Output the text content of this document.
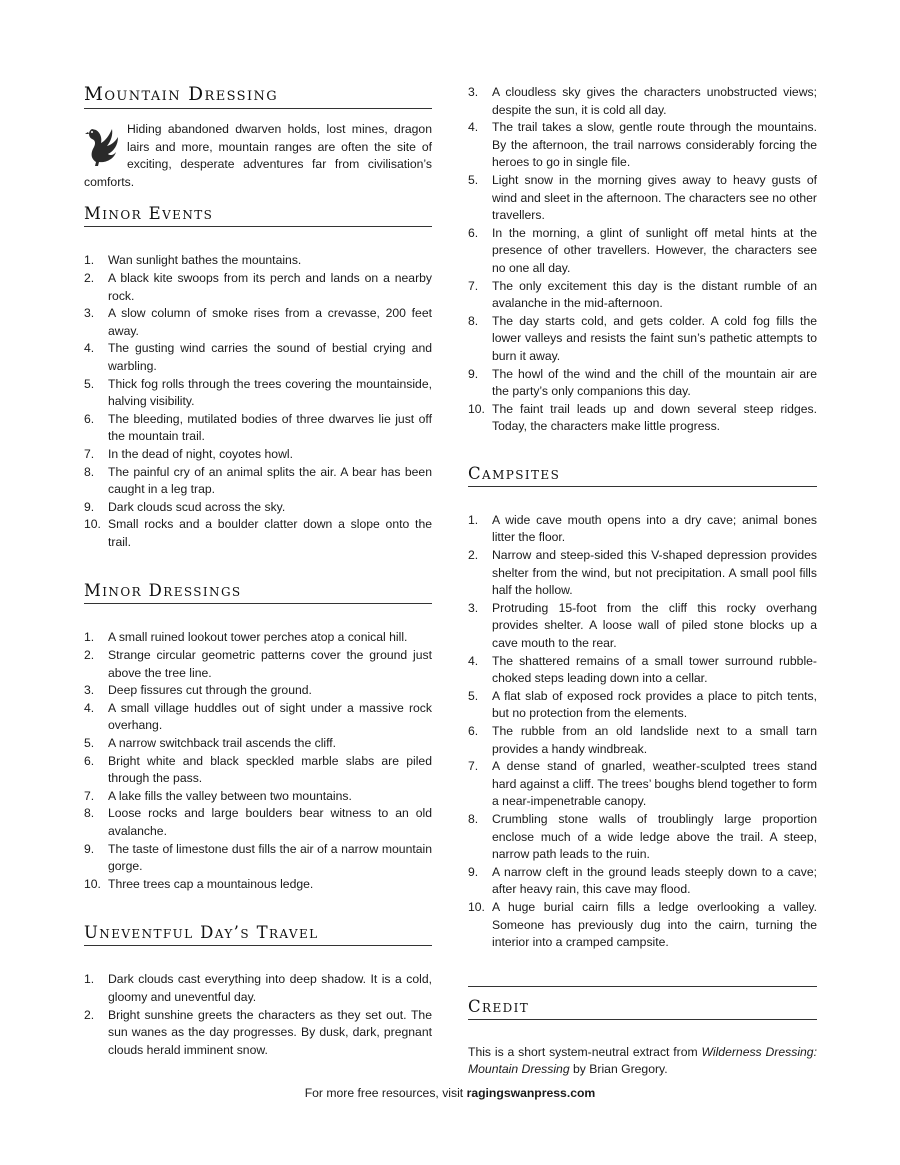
Mountain Dressing

Hiding abandoned dwarven holds, lost mines, dragon lairs and more, mountain ranges are often the site of exciting, desperate adventures far from civilisation’s comforts.

Minor Events
1.	Wan sunlight bathes the mountains.
2.	A black kite swoops from its perch and lands on a nearby rock.
3.	A slow column of smoke rises from a crevasse, 200 feet away.
4.	The gusting wind carries the sound of bestial crying and warbling.
5.	Thick fog rolls through the trees covering the mountainside, halving visibility.
6.	The bleeding, mutilated bodies of three dwarves lie just off the mountain trail.
7.	In the dead of night, coyotes howl.
8.	The painful cry of an animal splits the air. A bear has been caught in a leg trap.
9.	Dark clouds scud across the sky.
10. Small rocks and a boulder clatter down a slope onto the trail.
Minor Dressings
1.	A small ruined lookout tower perches atop a conical hill.
2.	Strange circular geometric patterns cover the ground just above the tree line.
3.	Deep fissures cut through the ground.
4.	A small village huddles out of sight under a massive rock overhang.
5.	A narrow switchback trail ascends the cliff.
6.	Bright white and black speckled marble slabs are piled through the pass.
7.	A lake fills the valley between two mountains.
8.	Loose rocks and large boulders bear witness to an old avalanche.
9.	The taste of limestone dust fills the air of a narrow mountain gorge.
10. Three trees cap a mountainous ledge.
Uneventful Day’s Travel
1.	Dark clouds cast everything into deep shadow. It is a cold, gloomy and uneventful day.
2.	Bright sunshine greets the characters as they set out. The sun wanes as the day progresses. By dusk, dark, pregnant clouds herald imminent snow.
3.	A cloudless sky gives the characters unobstructed views; despite the sun, it is cold all day.
4.	The trail takes a slow, gentle route through the mountains. By the afternoon, the trail narrows considerably forcing the heroes to go in single file.
5.	Light snow in the morning gives away to heavy gusts of wind and sleet in the afternoon. The characters see no other travellers.
6.	In the morning, a glint of sunlight off metal hints at the presence of other travellers. However, the characters see no one all day.
7.	The only excitement this day is the distant rumble of an avalanche in the mid-afternoon.
8.	The day starts cold, and gets colder. A cold fog fills the lower valleys and resists the faint sun’s pathetic attempts to burn it away.
9.	The howl of the wind and the chill of the mountain air are the party’s only companions this day.
10. The faint trail leads up and down several steep ridges. Today, the characters make little progress.
Campsites
1.	A wide cave mouth opens into a dry cave; animal bones litter the floor.
2.	Narrow and steep-sided this V-shaped depression provides shelter from the wind, but not precipitation. A small pool fills half the hollow.
3.	Protruding 15-foot from the cliff this rocky overhang provides shelter. A loose wall of piled stone blocks up a cave mouth to the rear.
4.	The shattered remains of a small tower surround rubble-choked steps leading down into a cellar.
5.	A flat slab of exposed rock provides a place to pitch tents, but no protection from the elements.
6.	The rubble from an old landslide next to a small tarn provides a handy windbreak.
7.	A dense stand of gnarled, weather-sculpted trees stand hard against a cliff. The trees’ boughs blend together to form a near-impenetrable canopy.
8.	Crumbling stone walls of troublingly large proportion enclose much of a wide ledge above the trail. A steep, narrow path leads to the ruin.
9.	A narrow cleft in the ground leads steeply down to a cave; after heavy rain, this cave may flood.
10. A huge burial cairn fills a ledge overlooking a valley. Someone has previously dug into the cairn, turning the interior into a cramped campsite.
Credit

This is a short system-neutral extract from Wilderness Dressing: Mountain Dressing by Brian Gregory.

For more free resources, visit ragingswanpress.com
